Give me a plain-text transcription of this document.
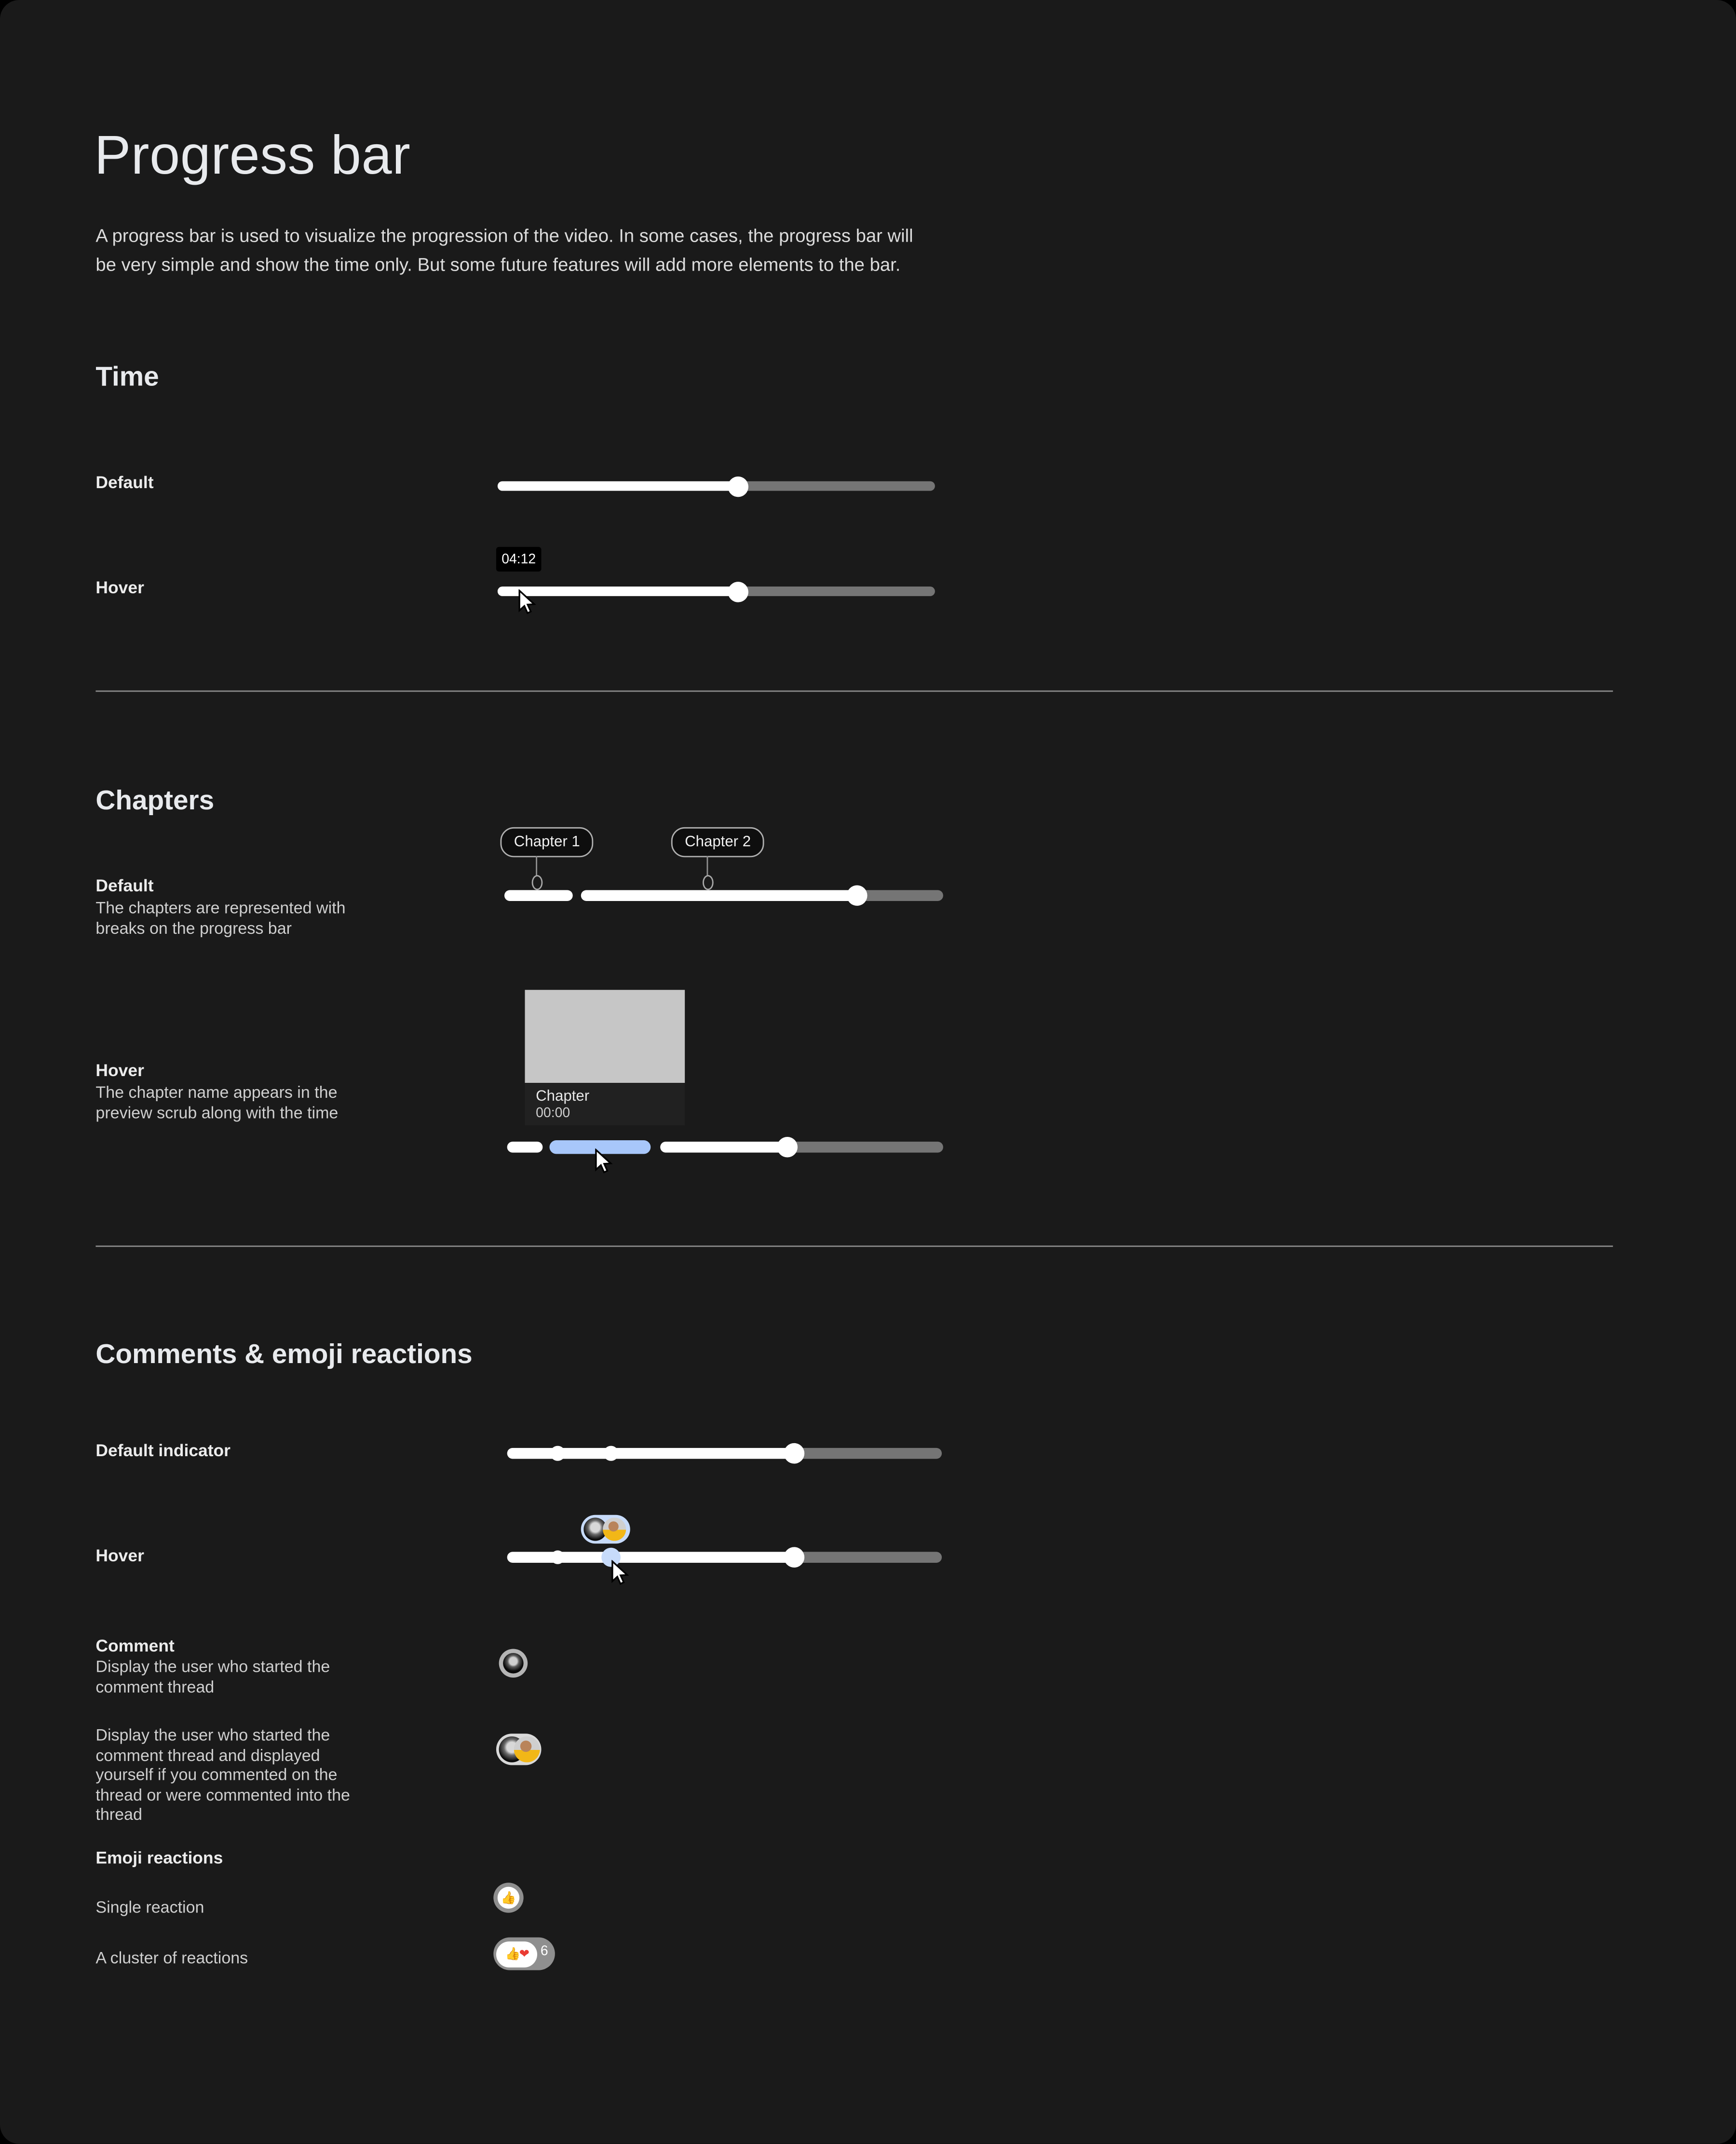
Progress bar
A progress bar is used to visualize the progression of the video. In some cases, the progress bar will be very simple and show the time only. But some future features will add more elements to the bar.
Time
Default
04:12
Hover
Chapters
Chapter 1	Chapter 2
Default
The chapters are represented with breaks on the progress bar
Chapter
00:00
Hover
The chapter name appears in the preview scrub along with the time
Comments & emoji reactions
Default indicator
Hover
Comment
Display the user who started the comment thread
Display the user who started the comment thread and displayed yourself if you commented on the thread or were commented into the thread
Emoji reactions
Single reaction
👍
A cluster of reactions	👍 ❤	6
